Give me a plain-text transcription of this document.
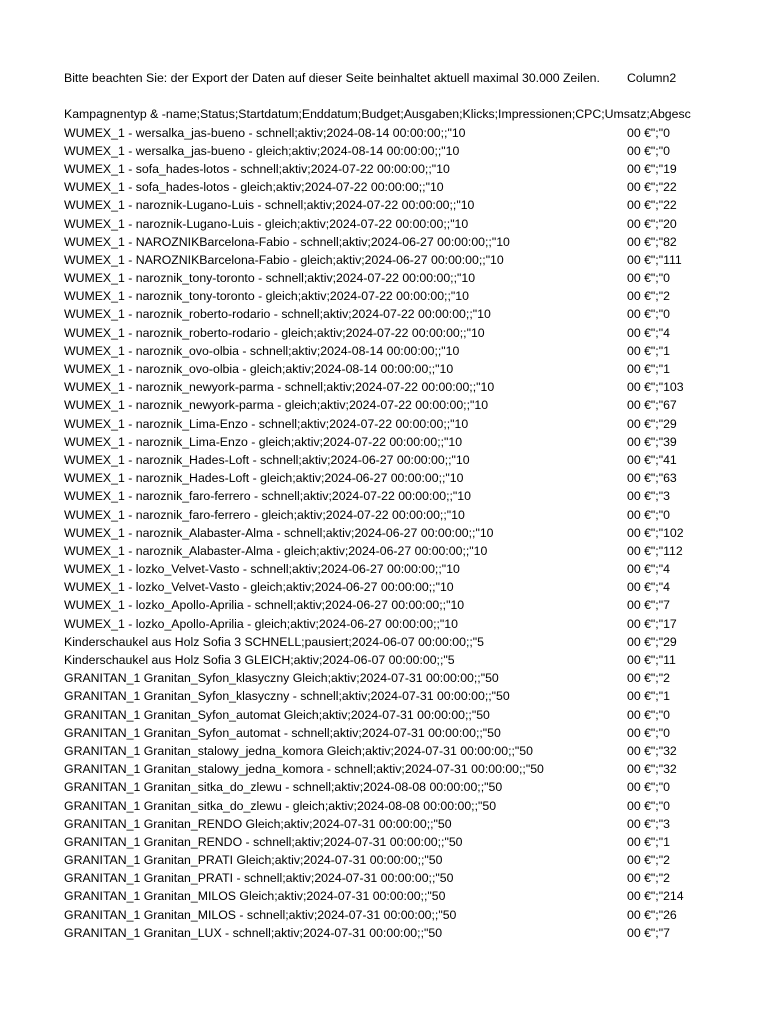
Bitte beachten Sie: der Export der Daten auf dieser Seite beinhaltet aktuell maximal 30.000 Zeilen. Column2
Kampagnentyp & -name;Status;Startdatum;Enddatum;Budget;Ausgaben;Klicks;Impressionen;CPC;Umsatz;Abgesc
WUMEX_1 - wersalka_jas-bueno - schnell;aktiv;2024-08-14 00:00:00;;"10	00 €";"0
WUMEX_1 - wersalka_jas-bueno - gleich;aktiv;2024-08-14 00:00:00;;"10	00 €";"0
WUMEX_1 - sofa_hades-lotos - schnell;aktiv;2024-07-22 00:00:00;;"10	00 €";"19
WUMEX_1 - sofa_hades-lotos - gleich;aktiv;2024-07-22 00:00:00;;"10	00 €";"22
WUMEX_1 - naroznik-Lugano-Luis - schnell;aktiv;2024-07-22 00:00:00;;"10	00 €";"22
WUMEX_1 - naroznik-Lugano-Luis - gleich;aktiv;2024-07-22 00:00:00;;"10	00 €";"20
WUMEX_1 - NAROZNIKBarcelona-Fabio - schnell;aktiv;2024-06-27 00:00:00;;"10	00 €";"82
WUMEX_1 - NAROZNIKBarcelona-Fabio - gleich;aktiv;2024-06-27 00:00:00;;"10	00 €";"111
WUMEX_1 - naroznik_tony-toronto - schnell;aktiv;2024-07-22 00:00:00;;"10	00 €";"0
WUMEX_1 - naroznik_tony-toronto - gleich;aktiv;2024-07-22 00:00:00;;"10	00 €";"2
WUMEX_1 - naroznik_roberto-rodario - schnell;aktiv;2024-07-22 00:00:00;;"10	00 €";"0
WUMEX_1 - naroznik_roberto-rodario - gleich;aktiv;2024-07-22 00:00:00;;"10	00 €";"4
WUMEX_1 - naroznik_ovo-olbia - schnell;aktiv;2024-08-14 00:00:00;;"10	00 €";"1
WUMEX_1 - naroznik_ovo-olbia - gleich;aktiv;2024-08-14 00:00:00;;"10	00 €";"1
WUMEX_1 - naroznik_newyork-parma - schnell;aktiv;2024-07-22 00:00:00;;"10	00 €";"103
WUMEX_1 - naroznik_newyork-parma - gleich;aktiv;2024-07-22 00:00:00;;"10	00 €";"67
WUMEX_1 - naroznik_Lima-Enzo - schnell;aktiv;2024-07-22 00:00:00;;"10	00 €";"29
WUMEX_1 - naroznik_Lima-Enzo - gleich;aktiv;2024-07-22 00:00:00;;"10	00 €";"39
WUMEX_1 - naroznik_Hades-Loft - schnell;aktiv;2024-06-27 00:00:00;;"10	00 €";"41
WUMEX_1 - naroznik_Hades-Loft - gleich;aktiv;2024-06-27 00:00:00;;"10	00 €";"63
WUMEX_1 - naroznik_faro-ferrero - schnell;aktiv;2024-07-22 00:00:00;;"10	00 €";"3
WUMEX_1 - naroznik_faro-ferrero - gleich;aktiv;2024-07-22 00:00:00;;"10	00 €";"0
WUMEX_1 - naroznik_Alabaster-Alma - schnell;aktiv;2024-06-27 00:00:00;;"10	00 €";"102
WUMEX_1 - naroznik_Alabaster-Alma - gleich;aktiv;2024-06-27 00:00:00;;"10	00 €";"112
WUMEX_1 - lozko_Velvet-Vasto - schnell;aktiv;2024-06-27 00:00:00;;"10	00 €";"4
WUMEX_1 - lozko_Velvet-Vasto - gleich;aktiv;2024-06-27 00:00:00;;"10	00 €";"4
WUMEX_1 - lozko_Apollo-Aprilia - schnell;aktiv;2024-06-27 00:00:00;;"10	00 €";"7
WUMEX_1 - lozko_Apollo-Aprilia - gleich;aktiv;2024-06-27 00:00:00;;"10	00 €";"17
Kinderschaukel aus Holz Sofia 3 SCHNELL;pausiert;2024-06-07 00:00:00;;"5	00 €";"29
Kinderschaukel aus Holz Sofia 3 GLEICH;aktiv;2024-06-07 00:00:00;;"5	00 €";"11
GRANITAN_1 Granitan_Syfon_klasyczny Gleich;aktiv;2024-07-31 00:00:00;;"50	00 €";"2
GRANITAN_1 Granitan_Syfon_klasyczny - schnell;aktiv;2024-07-31 00:00:00;;"50	00 €";"1
GRANITAN_1 Granitan_Syfon_automat Gleich;aktiv;2024-07-31 00:00:00;;"50	00 €";"0
GRANITAN_1 Granitan_Syfon_automat - schnell;aktiv;2024-07-31 00:00:00;;"50	00 €";"0
GRANITAN_1 Granitan_stalowy_jedna_komora Gleich;aktiv;2024-07-31 00:00:00;;"50	00 €";"32
GRANITAN_1 Granitan_stalowy_jedna_komora - schnell;aktiv;2024-07-31 00:00:00;;"50	00 €";"32
GRANITAN_1 Granitan_sitka_do_zlewu - schnell;aktiv;2024-08-08 00:00:00;;"50	00 €";"0
GRANITAN_1 Granitan_sitka_do_zlewu - gleich;aktiv;2024-08-08 00:00:00;;"50	00 €";"0
GRANITAN_1 Granitan_RENDO Gleich;aktiv;2024-07-31 00:00:00;;"50	00 €";"3
GRANITAN_1 Granitan_RENDO - schnell;aktiv;2024-07-31 00:00:00;;"50	00 €";"1
GRANITAN_1 Granitan_PRATI Gleich;aktiv;2024-07-31 00:00:00;;"50	00 €";"2
GRANITAN_1 Granitan_PRATI - schnell;aktiv;2024-07-31 00:00:00;;"50	00 €";"2
GRANITAN_1 Granitan_MILOS Gleich;aktiv;2024-07-31 00:00:00;;"50	00 €";"214
GRANITAN_1 Granitan_MILOS - schnell;aktiv;2024-07-31 00:00:00;;"50	00 €";"26
GRANITAN_1 Granitan_LUX - schnell;aktiv;2024-07-31 00:00:00;;"50	00 €";"7
